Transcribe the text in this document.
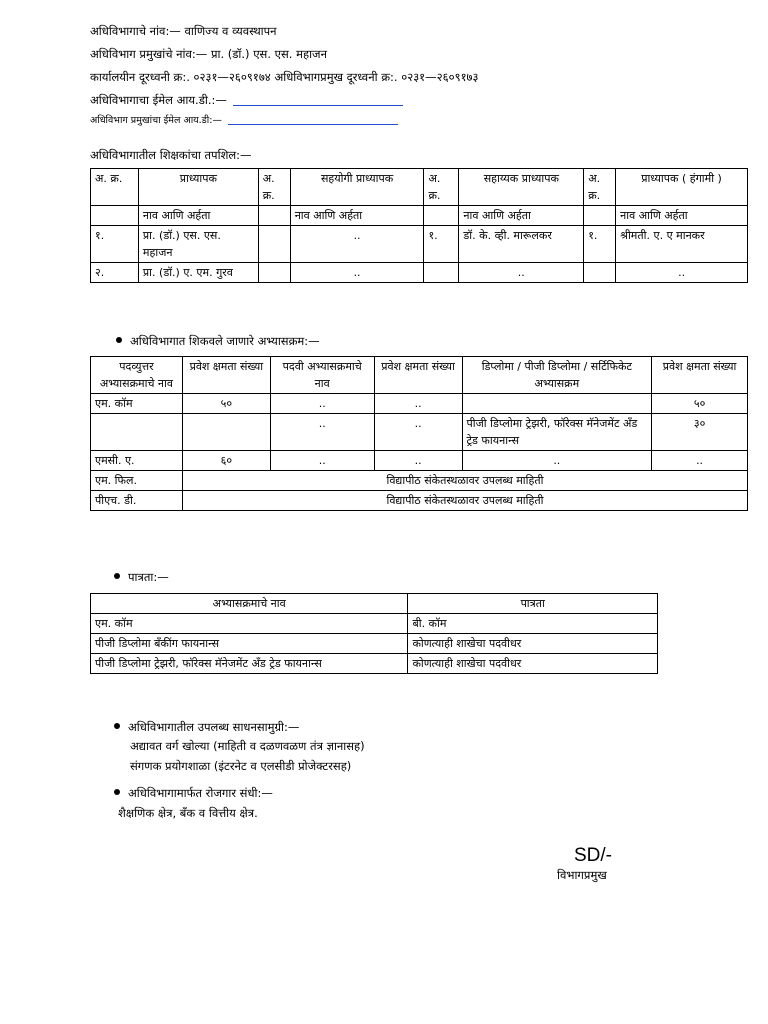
अधिविभागाचे नांव:— वाणिज्य व व्यवस्थापन
अधिविभाग प्रमुखांचे नांव:— प्रा. (डॉ.) एस. एस. महाजन
कार्यालयीन दूरध्वनी क्र:. ०२३१—२६०९१७४ अधिविभागप्रमुख दूरध्वनी क्र:. ०२३१—२६०९१७३
अधिविभागाचा ईमेल आय.डी.:—
अधिविभाग प्रमुखांचा ईमेल आय.डी:—
अधिविभागातील शिक्षकांचा तपशिल:—
अ. क्र.	प्राध्यापक	अ. क्र.	सहयोगी प्राध्यापक	अ. क्र.	सहाय्यक प्राध्यापक	अ. क्र.	प्राध्यापक ( हंगामी )
	नाव आणि अर्हता		नाव आणि अर्हता		नाव आणि अर्हता		नाव आणि अर्हता
१.	प्रा. (डॉ.) एस. एस. महाजन		..	१.	डॉ. के. व्ही. मारूलकर	१.	श्रीमती. ए. ए मानकर
२.	प्रा. (डॉ.) ए. एम. गुरव		..		..		..
अधिविभागात शिकवले जाणारे अभ्यासक्रम:—
पदव्युत्तर अभ्यासक्रमाचे नाव	प्रवेश क्षमता संख्या	पदवी अभ्यासक्रमाचे नाव	प्रवेश क्षमता संख्या	डिप्लोमा / पीजी डिप्लोमा / सर्टिफिकेट अभ्यासक्रम	प्रवेश क्षमता संख्या
एम. कॉम	५०	..	..		५०
		..	..	पीजी डिप्लोमा ट्रेझरी, फॉरेक्स मॅनेजमेंट अँड ट्रेड फायनान्स	३०
एमसी. ए.	६०	..	..	..	..
एम. फिल.	विद्यापीठ संकेतस्थळावर उपलब्ध माहिती				
पीएच. डी.	विद्यापीठ संकेतस्थळावर उपलब्ध माहिती				
पात्रता:—
अभ्यासक्रमाचे नाव	पात्रता
एम. कॉम	बी. कॉम
पीजी डिप्लोमा बँकींग फायनान्स	कोणत्याही शाखेचा पदवीधर
पीजी डिप्लोमा ट्रेझरी, फॉरेक्स मॅनेजमेंट अँड ट्रेड फायनान्स	कोणत्याही शाखेचा पदवीधर
अधिविभागातील उपलब्ध साधनसामुग्री:—
अद्यावत वर्ग खोल्या (माहिती व दळणवळण तंत्र ज्ञानासह)
संगणक प्रयोगशाळा (इंटरनेट व एलसीडी प्रोजेक्टरसह)
अधिविभागामार्फत रोजगार संधी:—
शैक्षणिक क्षेत्र, बॅंक व वित्तीय क्षेत्र.
SD/-
विभागप्रमुख
